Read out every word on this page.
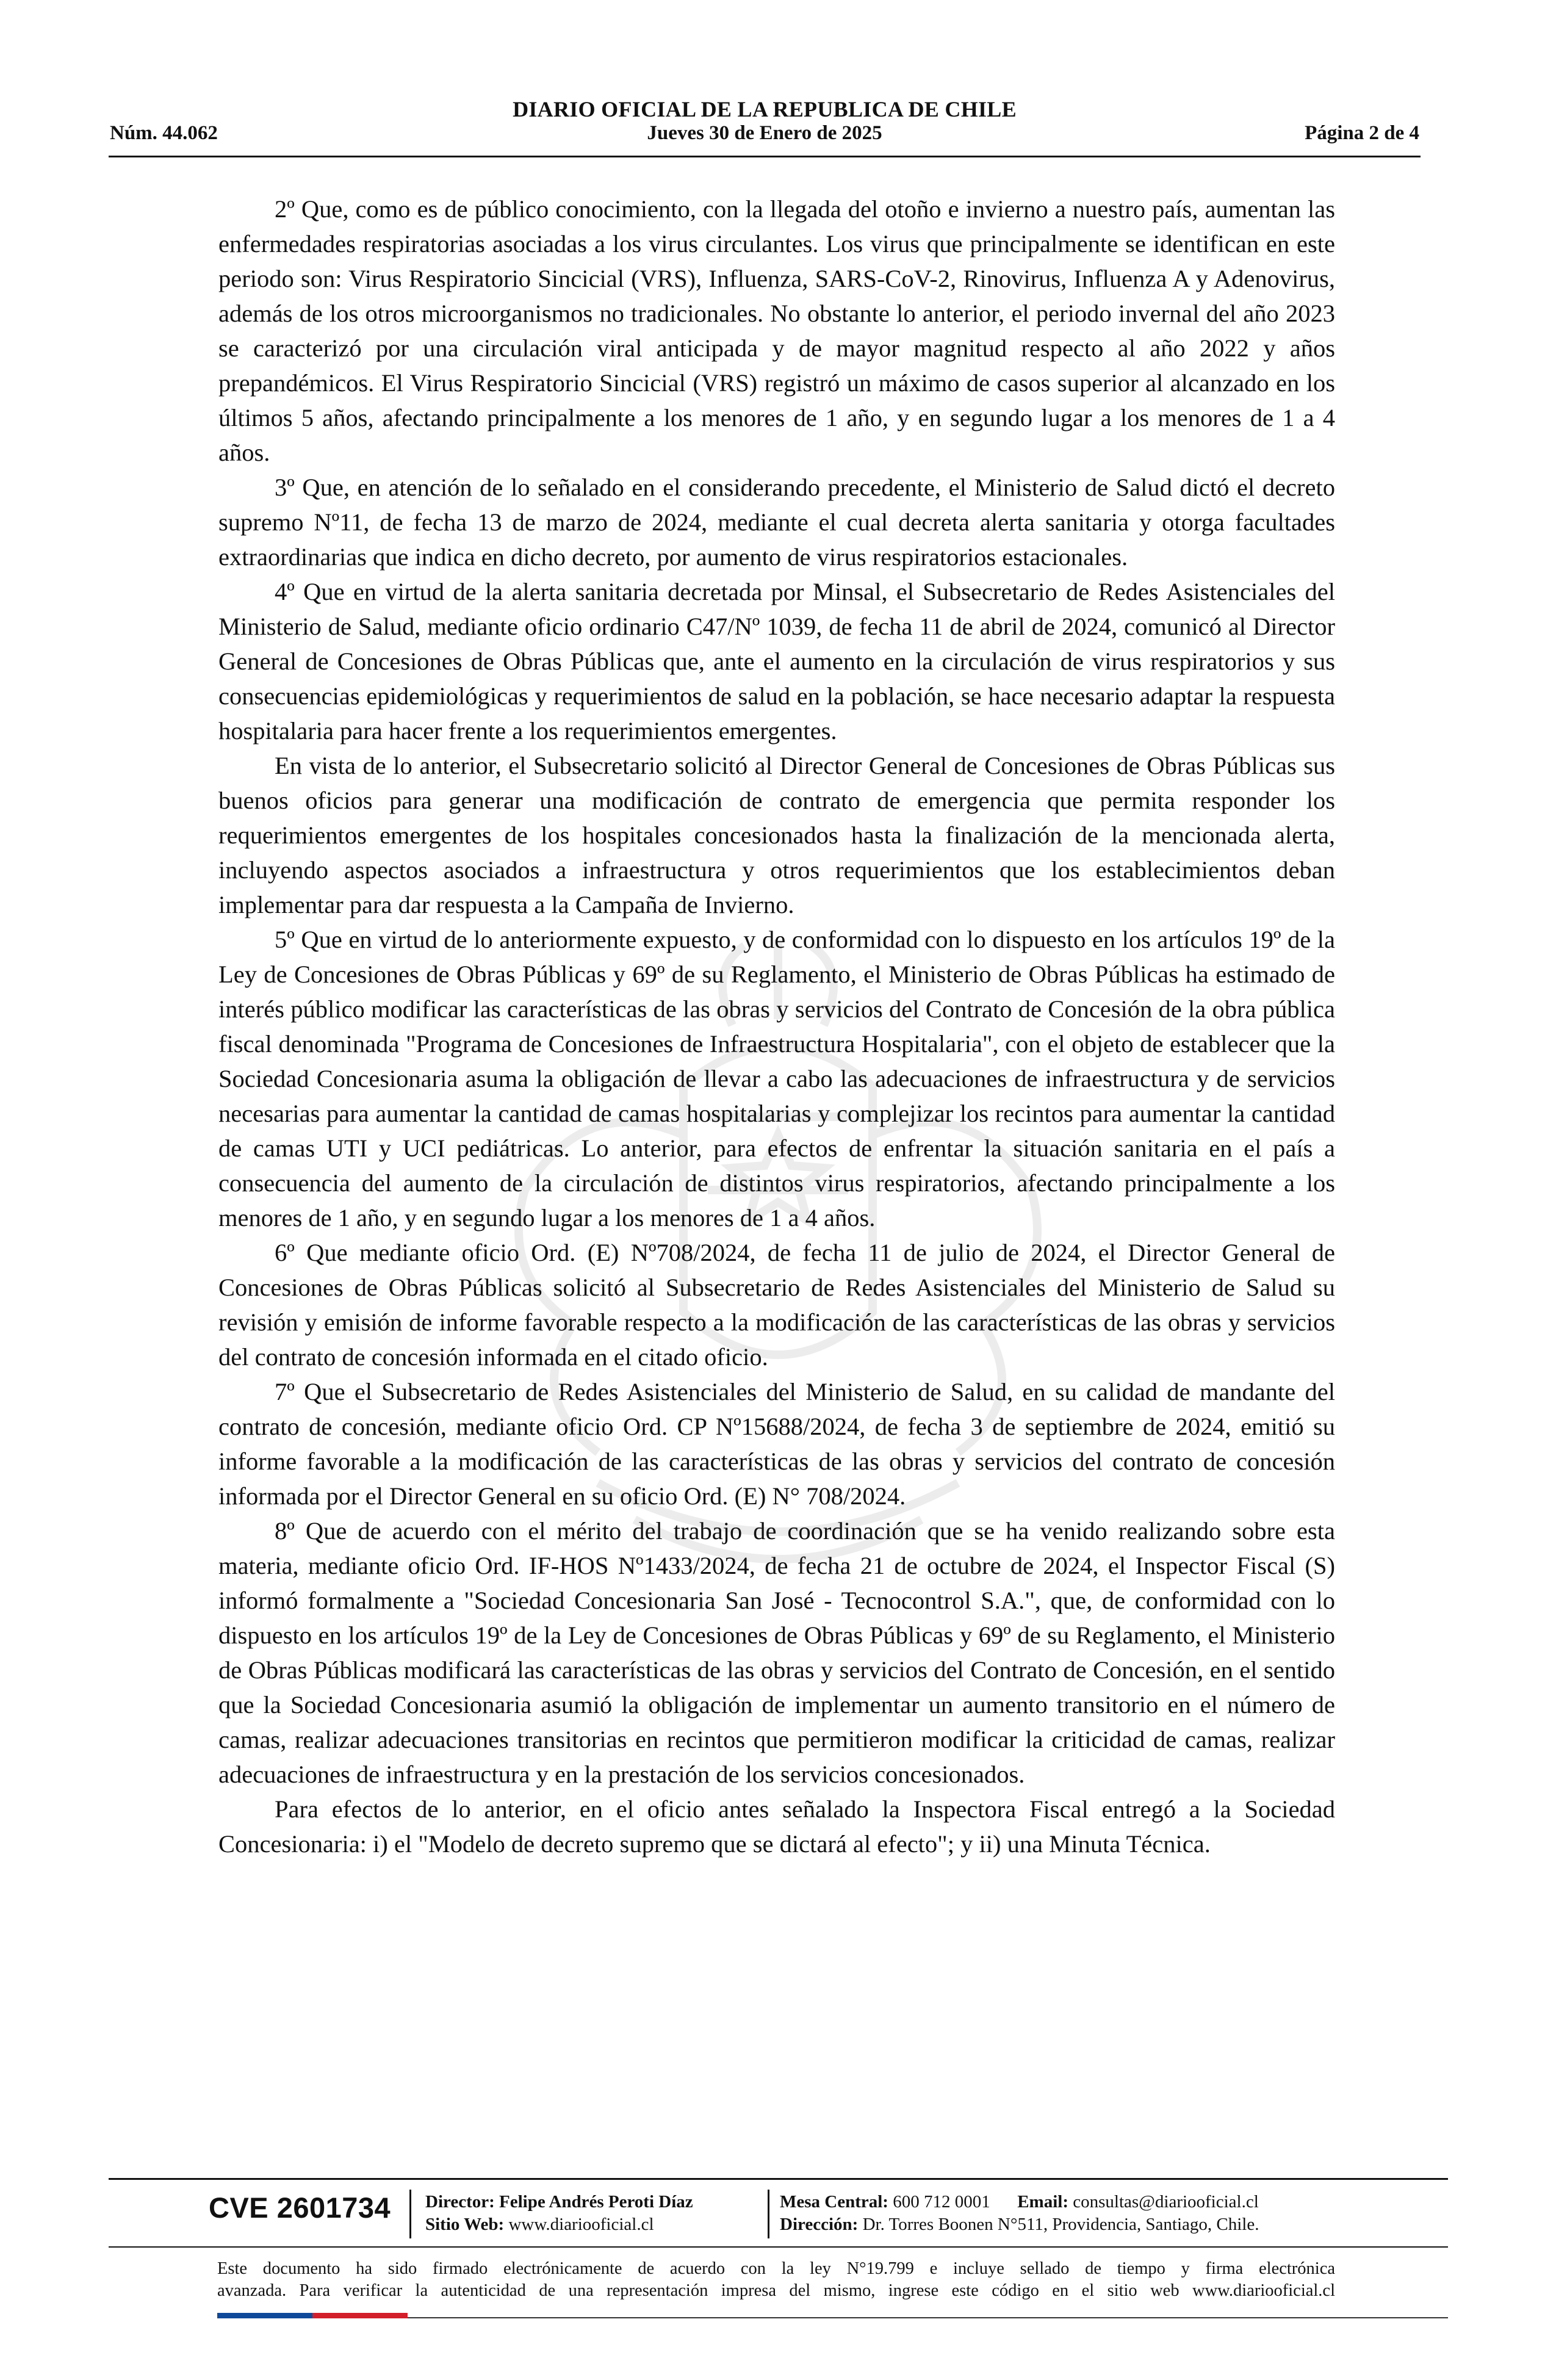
DIARIO OFICIAL DE LA REPUBLICA DE CHILE
Núm. 44.062	Jueves 30 de Enero de 2025	Página 2 de 4

2º Que, como es de público conocimiento, con la llegada del otoño e invierno a nuestro país, aumentan las enfermedades respiratorias asociadas a los virus circulantes. Los virus que principalmente se identifican en este periodo son: Virus Respiratorio Sincicial (VRS), Influenza, SARS-CoV-2, Rinovirus, Influenza A y Adenovirus, además de los otros microorganismos no tradicionales. No obstante lo anterior, el periodo invernal del año 2023 se caracterizó por una circulación viral anticipada y de mayor magnitud respecto al año 2022 y años prepandémicos. El Virus Respiratorio Sincicial (VRS) registró un máximo de casos superior al alcanzado en los últimos 5 años, afectando principalmente a los menores de 1 año, y en segundo lugar a los menores de 1 a 4 años.

3º Que, en atención de lo señalado en el considerando precedente, el Ministerio de Salud dictó el decreto supremo Nº11, de fecha 13 de marzo de 2024, mediante el cual decreta alerta sanitaria y otorga facultades extraordinarias que indica en dicho decreto, por aumento de virus respiratorios estacionales.

4º Que en virtud de la alerta sanitaria decretada por Minsal, el Subsecretario de Redes Asistenciales del Ministerio de Salud, mediante oficio ordinario C47/Nº 1039, de fecha 11 de abril de 2024, comunicó al Director General de Concesiones de Obras Públicas que, ante el aumento en la circulación de virus respiratorios y sus consecuencias epidemiológicas y requerimientos de salud en la población, se hace necesario adaptar la respuesta hospitalaria para hacer frente a los requerimientos emergentes.

En vista de lo anterior, el Subsecretario solicitó al Director General de Concesiones de Obras Públicas sus buenos oficios para generar una modificación de contrato de emergencia que permita responder los requerimientos emergentes de los hospitales concesionados hasta la finalización de la mencionada alerta, incluyendo aspectos asociados a infraestructura y otros requerimientos que los establecimientos deban implementar para dar respuesta a la Campaña de Invierno.

5º Que en virtud de lo anteriormente expuesto, y de conformidad con lo dispuesto en los artículos 19º de la Ley de Concesiones de Obras Públicas y 69º de su Reglamento, el Ministerio de Obras Públicas ha estimado de interés público modificar las características de las obras y servicios del Contrato de Concesión de la obra pública fiscal denominada "Programa de Concesiones de Infraestructura Hospitalaria", con el objeto de establecer que la Sociedad Concesionaria asuma la obligación de llevar a cabo las adecuaciones de infraestructura y de servicios necesarias para aumentar la cantidad de camas hospitalarias y complejizar los recintos para aumentar la cantidad de camas UTI y UCI pediátricas. Lo anterior, para efectos de enfrentar la situación sanitaria en el país a consecuencia del aumento de la circulación de distintos virus respiratorios, afectando principalmente a los menores de 1 año, y en segundo lugar a los menores de 1 a 4 años.

6º Que mediante oficio Ord. (E) Nº708/2024, de fecha 11 de julio de 2024, el Director General de Concesiones de Obras Públicas solicitó al Subsecretario de Redes Asistenciales del Ministerio de Salud su revisión y emisión de informe favorable respecto a la modificación de las características de las obras y servicios del contrato de concesión informada en el citado oficio.

7º Que el Subsecretario de Redes Asistenciales del Ministerio de Salud, en su calidad de mandante del contrato de concesión, mediante oficio Ord. CP Nº15688/2024, de fecha 3 de septiembre de 2024, emitió su informe favorable a la modificación de las características de las obras y servicios del contrato de concesión informada por el Director General en su oficio Ord. (E) N° 708/2024.

8º Que de acuerdo con el mérito del trabajo de coordinación que se ha venido realizando sobre esta materia, mediante oficio Ord. IF-HOS Nº1433/2024, de fecha 21 de octubre de 2024, el Inspector Fiscal (S) informó formalmente a "Sociedad Concesionaria San José - Tecnocontrol S.A.", que, de conformidad con lo dispuesto en los artículos 19º de la Ley de Concesiones de Obras Públicas y 69º de su Reglamento, el Ministerio de Obras Públicas modificará las características de las obras y servicios del Contrato de Concesión, en el sentido que la Sociedad Concesionaria asumió la obligación de implementar un aumento transitorio en el número de camas, realizar adecuaciones transitorias en recintos que permitieron modificar la criticidad de camas, realizar adecuaciones de infraestructura y en la prestación de los servicios concesionados.

Para efectos de lo anterior, en el oficio antes señalado la Inspectora Fiscal entregó a la Sociedad Concesionaria: i) el "Modelo de decreto supremo que se dictará al efecto"; y ii) una Minuta Técnica.

CVE 2601734 Director: Felipe Andrés Peroti Díaz
Sitio Web: www.diariooficial.cl
Mesa Central: 600 712 0001 Email: consultas@diariooficial.cl
Dirección: Dr. Torres Boonen N°511, Providencia, Santiago, Chile.
Este documento ha sido firmado electrónicamente de acuerdo con la ley N°19.799 e incluye sellado de tiempo y firma electrónica
avanzada. Para verificar la autenticidad de una representación impresa del mismo, ingrese este código en el sitio web www.diariooficial.cl
